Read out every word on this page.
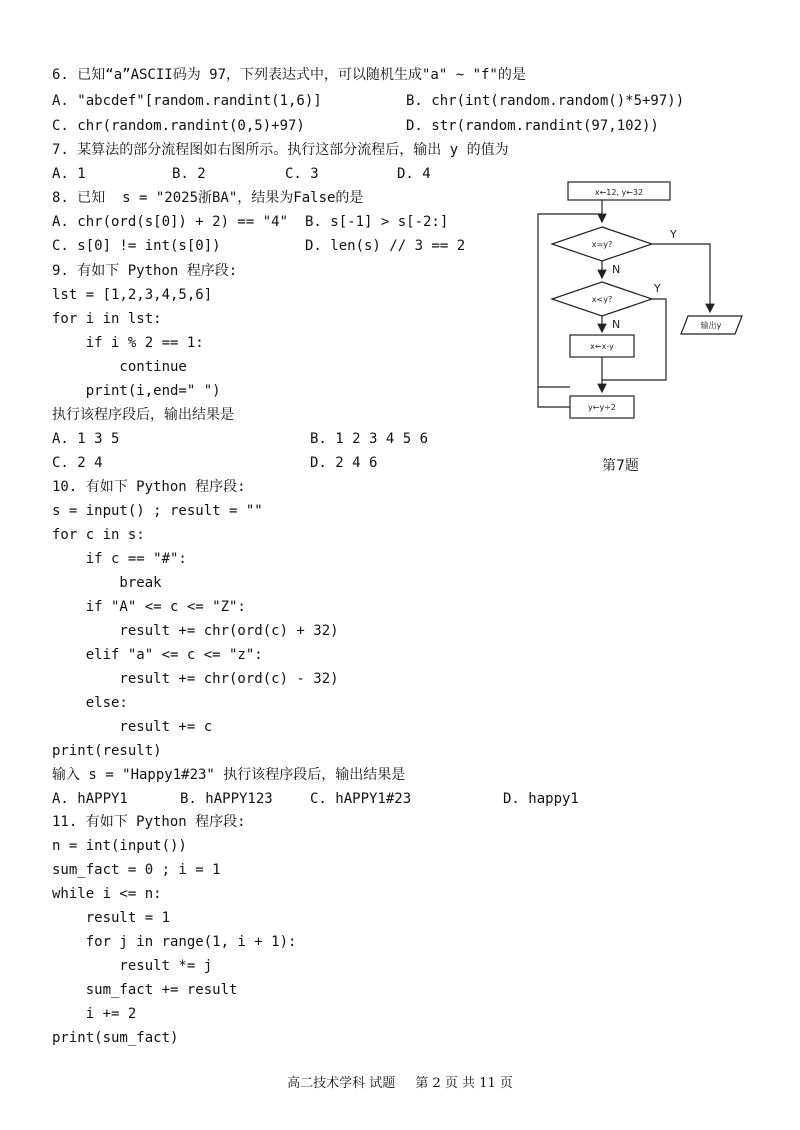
6. 已知“a”ASCII码为 97，下列表达式中，可以随机生成"a" ~ "f"的是
A. "abcdef"[random.randint(1,6)]	B. chr(int(random.random()*5+97))
C. chr(random.randint(0,5)+97)	D. str(random.randint(97,102))
7. 某算法的部分流程图如右图所示。执行这部分流程后，输出 y 的值为
A. 1	B. 2	C. 3	D. 4
8. 已知  s = "2025浙BA"，结果为False的是
A. chr(ord(s[0]) + 2) == "4" B. s[-1] > s[-2:]
C. s[0] != int(s[0])	D. len(s) // 3 == 2
9. 有如下 Python 程序段:
lst = [1,2,3,4,5,6]
for i in lst:
if i % 2 == 1:
continue
print(i,end=" ")
执行该程序段后，输出结果是
A. 1 3 5	B. 1 2 3 4 5 6
C. 2 4	D. 2 4 6
10. 有如下 Python 程序段:
s = input() ; result = ""
for c in s:
if c == "#":
break
if "A" <= c <= "Z":
result += chr(ord(c) + 32)
elif "a" <= c <= "z":
result += chr(ord(c) - 32)
else:
result += c
print(result)
输入 s = "Happy1#23" 执行该程序段后，输出结果是
A. hAPPY1	B. hAPPY123	C. hAPPY1#23	D. happy1
11. 有如下 Python 程序段:
n = int(input())
sum_fact = 0 ; i = 1
while i <= n:
result = 1
for j in range(1, i + 1):
result *= j
sum_fact += result
i += 2
print(sum_fact)
x←12, y←32
x=y?
x<y?
x←x-y
y←y÷2
输出y
Y
Y
N
N
第7题
高二技术学科 试题 第 2 页 共 11 页
